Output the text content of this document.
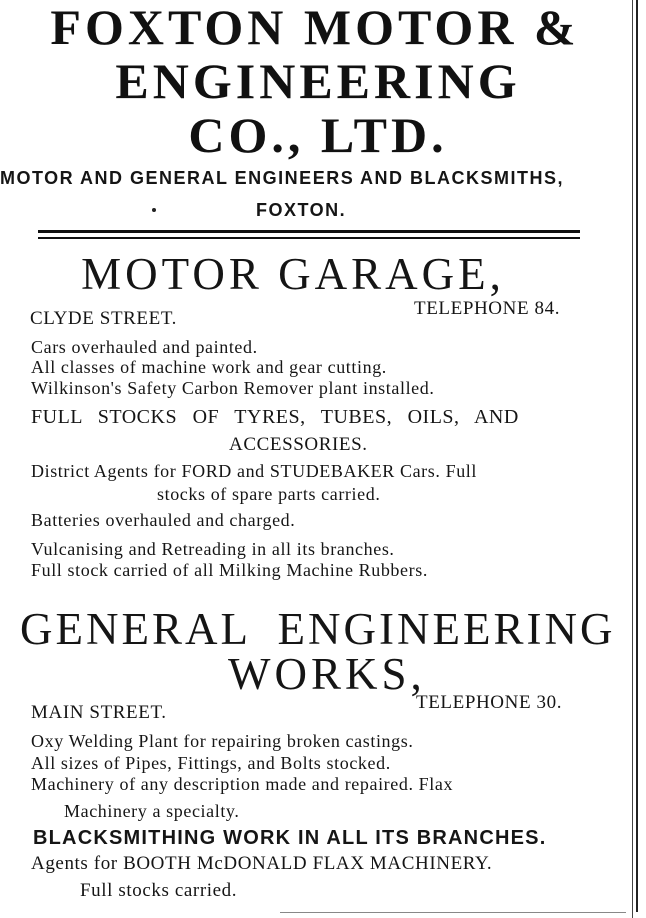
FOXTON MOTOR &
ENGINEERING
CO., LTD.
MOTOR AND GENERAL ENGINEERS AND BLACKSMITHS,
FOXTON.
MOTOR GARAGE,
CLYDE STREET.	TELEPHONE 84.
Cars overhauled and painted.
All classes of machine work and gear cutting.
Wilkinson's Safety Carbon Remover plant installed.
FULL STOCKS OF TYRES, TUBES, OILS, AND
ACCESSORIES.
District Agents for FORD and STUDEBAKER Cars. Full
stocks of spare parts carried.
Batteries overhauled and charged.
Vulcanising and Retreading in all its branches.
Full stock carried of all Milking Machine Rubbers.
GENERAL ENGINEERING
WORKS,
MAIN STREET.	TELEPHONE 30.
Oxy Welding Plant for repairing broken castings.
All sizes of Pipes, Fittings, and Bolts stocked.
Machinery of any description made and repaired. Flax
Machinery a specialty.
BLACKSMITHING WORK IN ALL ITS BRANCHES.
Agents for BOOTH McDONALD FLAX MACHINERY.
Full stocks carried.
